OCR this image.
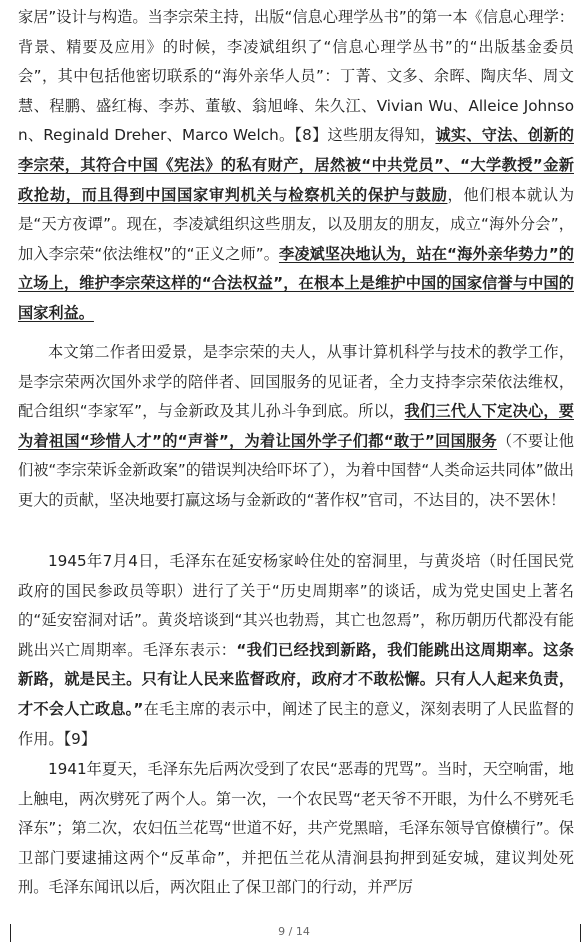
家居”设计与构造。当李宗荣主持，出版“信息心理学丛书”的第一本《信息心理学：背景、精要及应用》的时候，李凌斌组织了“信息心理学丛书”的“出版基金委员会”，其中包括他密切联系的“海外亲华人员”：丁菁、文多、余晖、陶庆华、周文慧、程鹏、盛红梅、李苏、董敏、翁旭峰、朱久江、Vivian Wu、Alleice Johnson、Reginald Dreher、Marco Welch。【8】这些朋友得知，诚实、守法、创新的李宗荣，其符合中国《宪法》的私有财产，居然被“中共党员”、“大学教授”金新政抢劫，而且得到中国国家审判机关与检察机关的保护与鼓励，他们根本就认为是“天方夜谭”。现在，李凌斌组织这些朋友，以及朋友的朋友，成立“海外分会”，加入李宗荣“依法维权”的“正义之师”。李凌斌坚决地认为，站在“海外亲华势力”的立场上，维护李宗荣这样的“合法权益”，在根本上是维护中国的国家信誉与中国的国家利益。

本文第二作者田爱景，是李宗荣的夫人，从事计算机科学与技术的教学工作，是李宗荣两次国外求学的陪伴者、回国服务的见证者，全力支持李宗荣依法维权，配合组织“李家军”，与金新政及其儿孙斗争到底。所以，我们三代人下定决心，要为着祖国“珍惜人才”的“声誉”，为着让国外学子们都“敢于”回国服务（不要让他们被“李宗荣诉金新政案”的错误判决给吓坏了），为着中国替“人类命运共同体”做出更大的贡献，坚决地要打赢这场与金新政的“著作权”官司，不达目的，决不罢休！

1945年7月4日，毛泽东在延安杨家岭住处的窑洞里，与黄炎培（时任国民党政府的国民参政员等职）进行了关于“历史周期率”的谈话，成为党史国史上著名的“延安窑洞对话”。黄炎培谈到“其兴也勃焉，其亡也忽焉”，称历朝历代都没有能跳出兴亡周期率。毛泽东表示：“我们已经找到新路，我们能跳出这周期率。这条新路，就是民主。只有让人民来监督政府，政府才不敢松懈。只有人人起来负责，才不会人亡政息。”在毛主席的表示中，阐述了民主的意义，深刻表明了人民监督的作用。【9】

1941年夏天，毛泽东先后两次受到了农民“恶毒的咒骂”。当时，天空响雷，地上触电，两次劈死了两个人。第一次，一个农民骂“老天爷不开眼，为什么不劈死毛泽东”；第二次，农妇伍兰花骂“世道不好，共产党黑暗，毛泽东领导官僚横行”。保卫部门要逮捕这两个“反革命”，并把伍兰花从清涧县拘押到延安城，建议判处死刑。毛泽东闻讯以后，两次阻止了保卫部门的行动，并严厉

9 / 14
